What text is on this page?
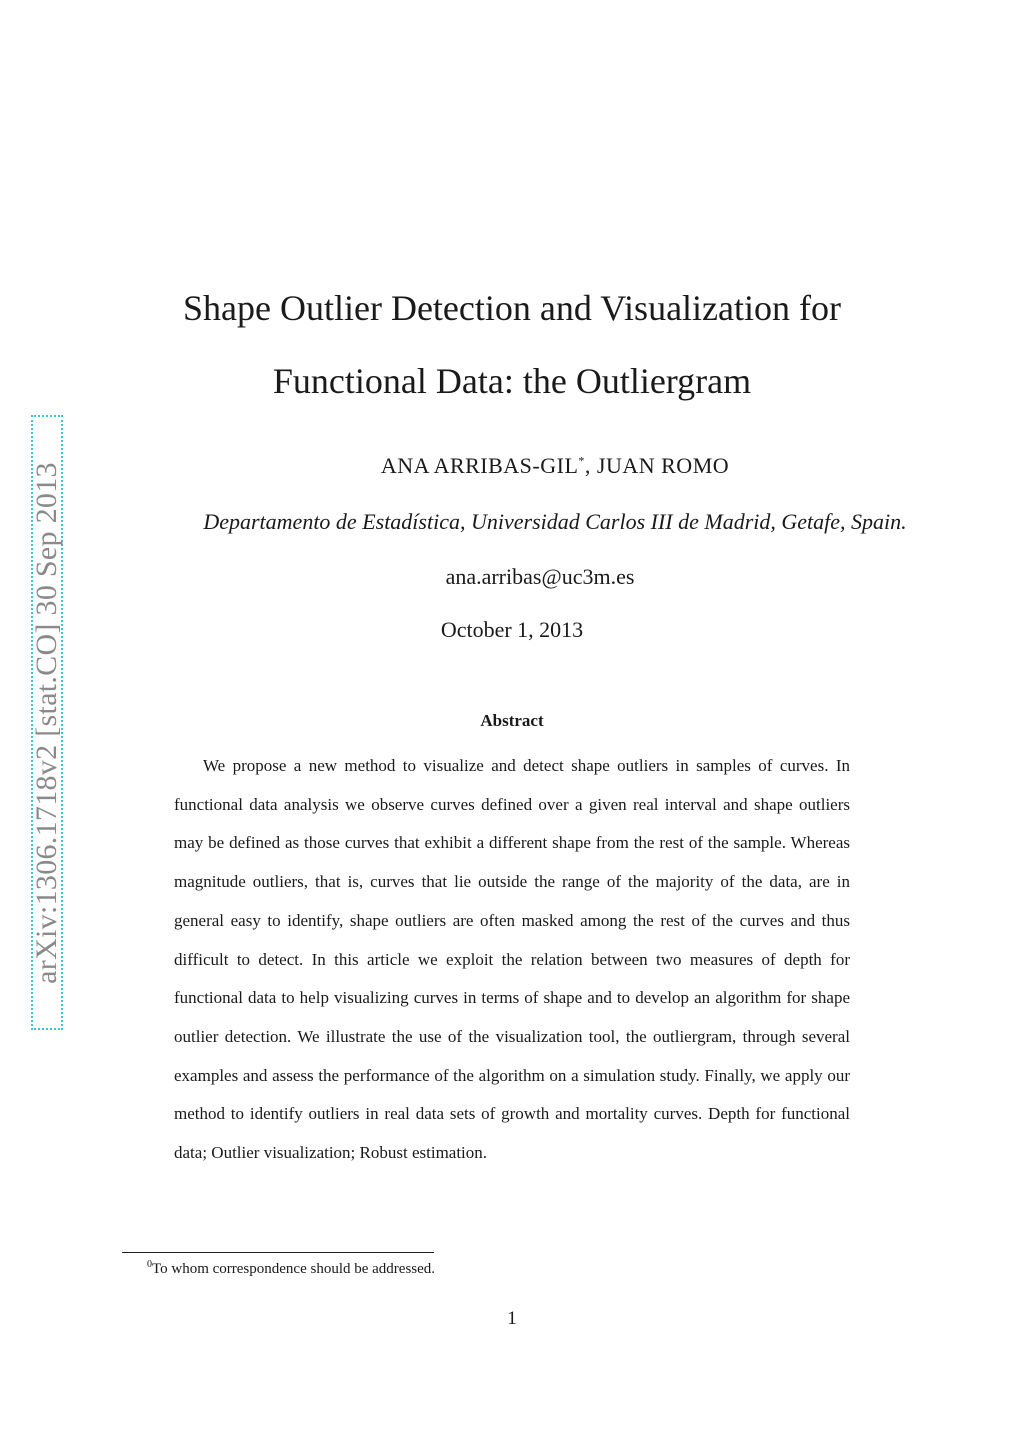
arXiv:1306.1718v2 [stat.CO] 30 Sep 2013
Shape Outlier Detection and Visualization for
Functional Data: the Outliergram
ANA ARRIBAS-GIL*, JUAN ROMO
Departamento de Estadística, Universidad Carlos III de Madrid, Getafe, Spain.
ana.arribas@uc3m.es
October 1, 2013
Abstract

We propose a new method to visualize and detect shape outliers in samples of curves. In functional data analysis we observe curves defined over a given real interval and shape outliers may be defined as those curves that exhibit a different shape from the rest of the sample. Whereas magnitude outliers, that is, curves that lie outside the range of the majority of the data, are in general easy to identify, shape outliers are often masked among the rest of the curves and thus difficult to detect. In this article we exploit the relation between two measures of depth for functional data to help visualizing curves in terms of shape and to develop an algorithm for shape outlier detection. We illustrate the use of the visualization tool, the outliergram, through several examples and assess the performance of the algorithm on a simulation study. Finally, we apply our method to identify outliers in real data sets of growth and mortality curves. Depth for functional data; Outlier visualization; Robust estimation.

$^0$To whom correspondence should be addressed.
1
